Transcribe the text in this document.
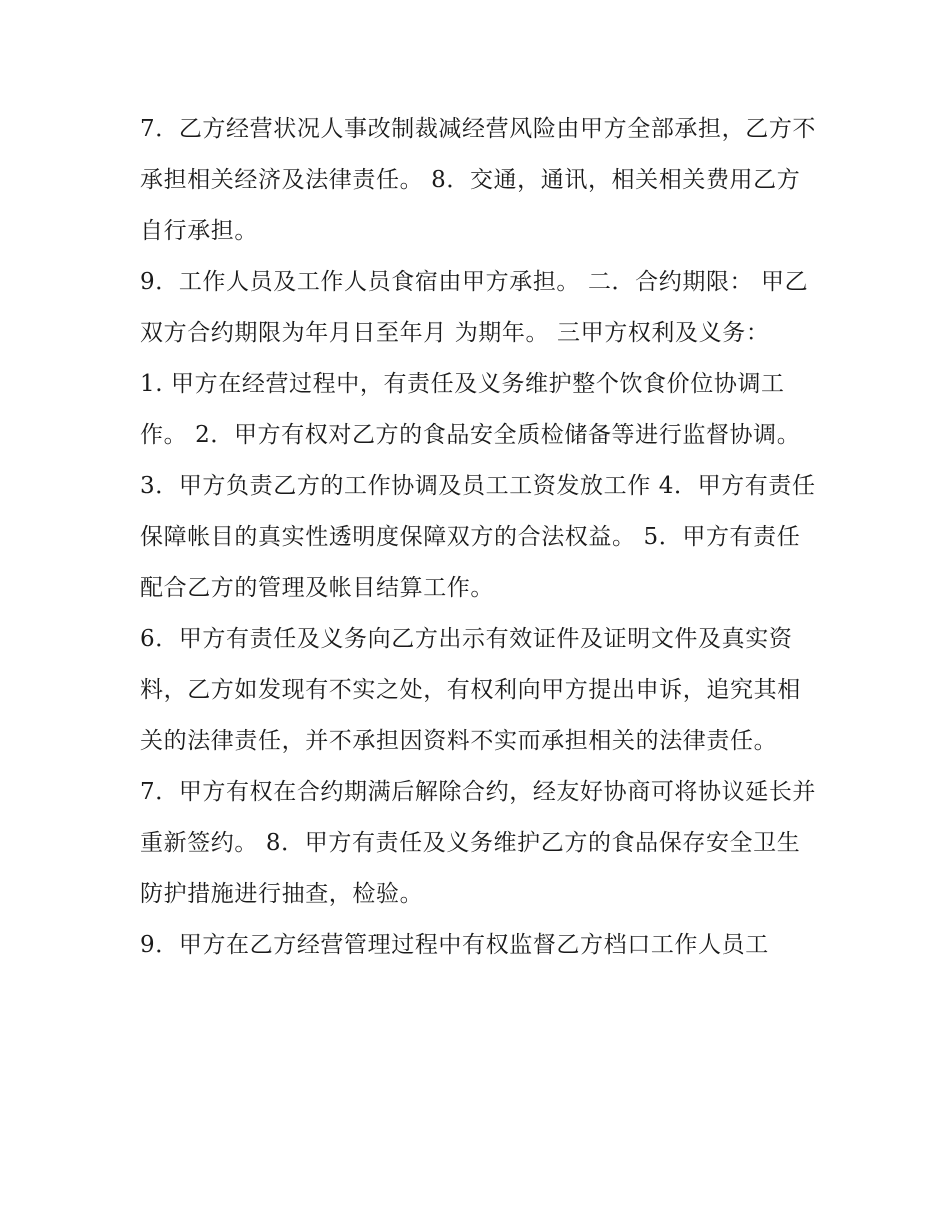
7．乙方经营状况人事改制裁减经营风险由甲方全部承担，乙方不承担相关经济及法律责任。 8．交通，通讯，相关相关费用乙方自行承担。

9．工作人员及工作人员食宿由甲方承担。 二．合约期限： 甲乙双方合约期限为年月日至年月 为期年。 三甲方权利及义务：

1. 甲方在经营过程中，有责任及义务维护整个饮食价位协调工作。 2．甲方有权对乙方的食品安全质检储备等进行监督协调。

3．甲方负责乙方的工作协调及员工工资发放工作 4．甲方有责任保障帐目的真实性透明度保障双方的合法权益。 5．甲方有责任配合乙方的管理及帐目结算工作。

6．甲方有责任及义务向乙方出示有效证件及证明文件及真实资料，乙方如发现有不实之处，有权利向甲方提出申诉，追究其相关的法律责任，并不承担因资料不实而承担相关的法律责任。

7．甲方有权在合约期满后解除合约，经友好协商可将协议延长并重新签约。 8．甲方有责任及义务维护乙方的食品保存安全卫生防护措施进行抽查，检验。

9．甲方在乙方经营管理过程中有权监督乙方档口工作人员工
